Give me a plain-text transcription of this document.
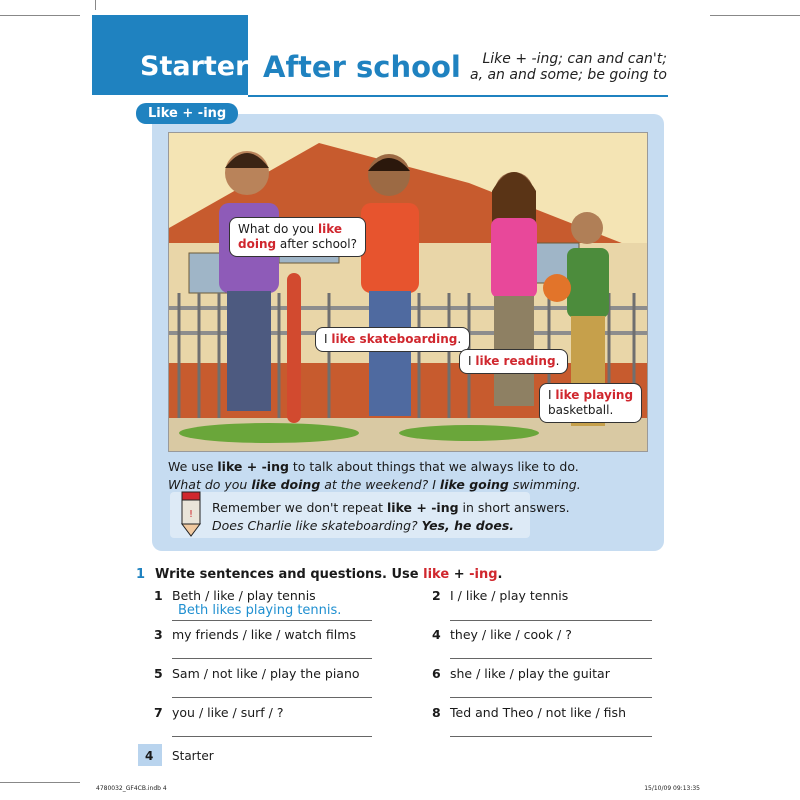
Starter After school	Like + -ing; can and can't;
a, an and some; be going to
Like + -ing
What do you like
doing after school?
I like skateboarding.
I like reading.
I like playing
basketball.
We use like + -ing to talk about things that we always like to do.
What do you like doing at the weekend? I like going swimming.
! Remember we don't repeat like + -ing in short answers.
Does Charlie like skateboarding? Yes, he does.
1 Write sentences and questions. Use like + -ing.
1 Beth / like / play tennis
Beth likes playing tennis.
2 I / like / play tennis
3 my friends / like / watch films	4 they / like / cook / ?
5 Sam / not like / play the piano	6 she / like / play the guitar
7 you / like / surf / ?	8 Ted and Theo / not like / fish
4 Starter
4780032_GF4CB.indb 4	15/10/09 09:13:35
